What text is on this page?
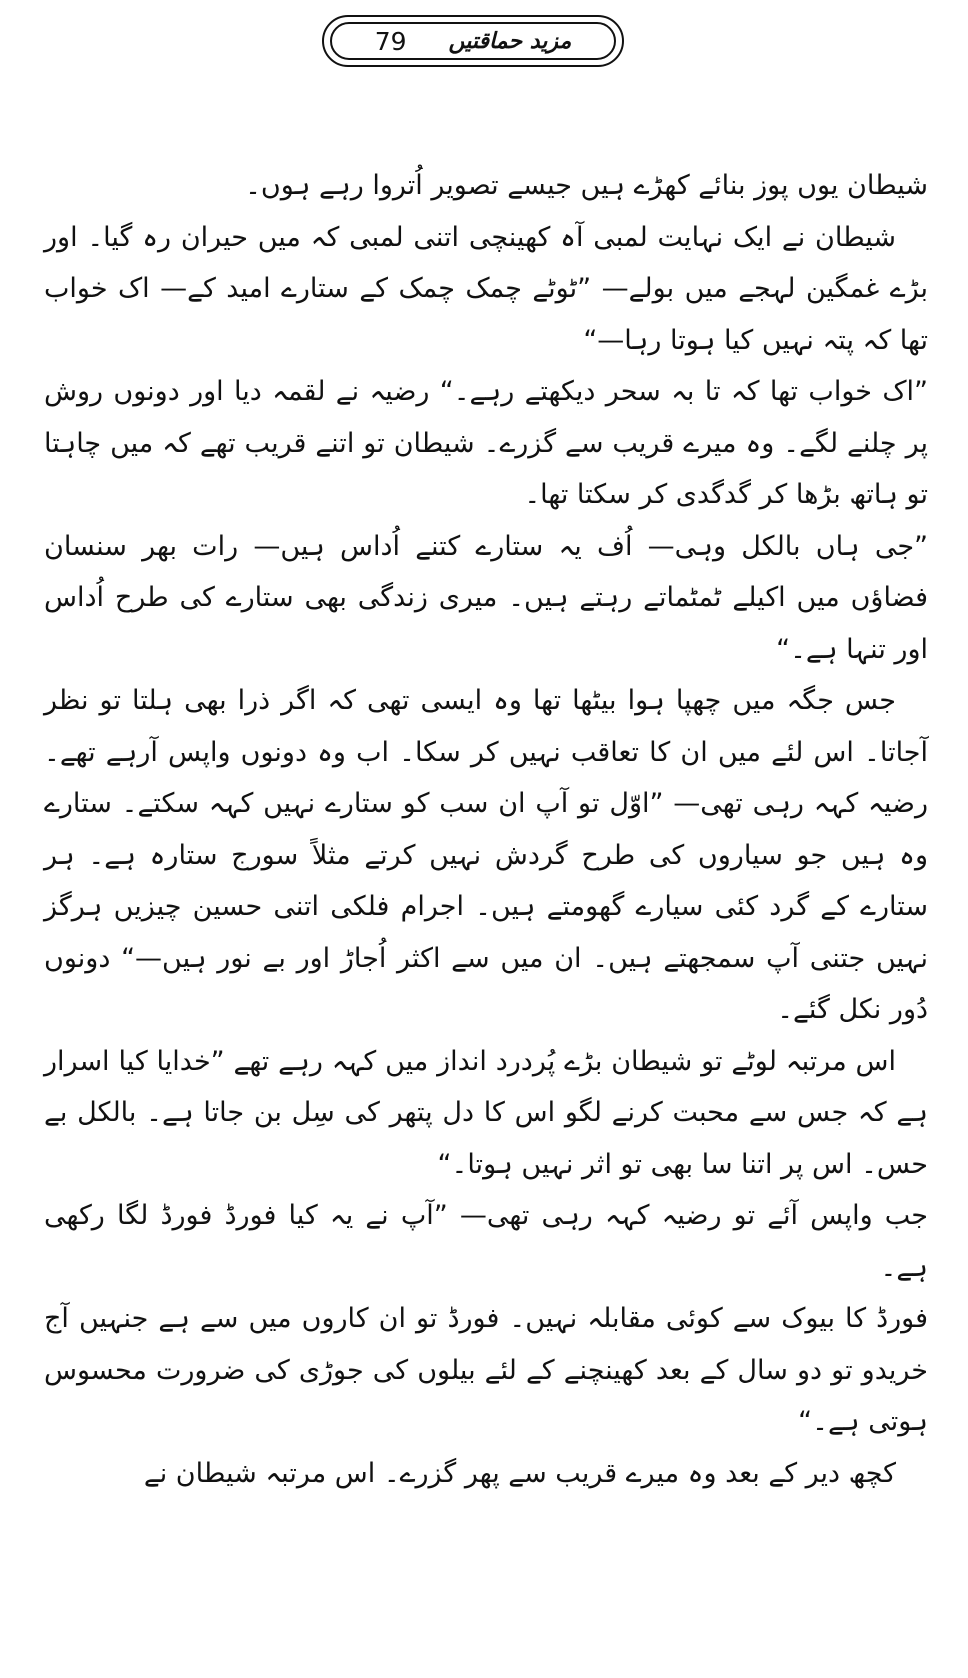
مزید حماقتیں
79

شیطان یوں پوز بنائے کھڑے ہیں جیسے تصویر اُتروا رہے ہوں۔

شیطان نے ایک نہایت لمبی آہ کھینچی اتنی لمبی کہ میں حیران رہ گیا۔ اور بڑے غمگین لہجے میں بولے— ”ٹوٹے چمک چمک کے ستارے امید کے— اک خواب تھا کہ پتہ نہیں کیا ہوتا رہا—“

”اک خواب تھا کہ تا بہ سحر دیکھتے رہے۔“ رضیہ نے لقمہ دیا اور دونوں روش پر چلنے لگے۔ وہ میرے قریب سے گزرے۔ شیطان تو اتنے قریب تھے کہ میں چاہتا تو ہاتھ بڑھا کر گدگدی کر سکتا تھا۔

”جی ہاں بالکل وہی— اُف یہ ستارے کتنے اُداس ہیں— رات بھر سنسان فضاؤں میں اکیلے ٹمٹماتے رہتے ہیں۔ میری زندگی بھی ستارے کی طرح اُداس اور تنہا ہے۔“

جس جگہ میں چھپا ہوا بیٹھا تھا وہ ایسی تھی کہ اگر ذرا بھی ہلتا تو نظر آجاتا۔ اس لئے میں ان کا تعاقب نہیں کر سکا۔ اب وہ دونوں واپس آرہے تھے۔ رضیہ کہہ رہی تھی— ”اوّل تو آپ ان سب کو ستارے نہیں کہہ سکتے۔ ستارے وہ ہیں جو سیاروں کی طرح گردش نہیں کرتے مثلاً سورج ستارہ ہے۔ ہر ستارے کے گرد کئی سیارے گھومتے ہیں۔ اجرام فلکی اتنی حسین چیزیں ہرگز نہیں جتنی آپ سمجھتے ہیں۔ ان میں سے اکثر اُجاڑ اور بے نور ہیں—“ دونوں دُور نکل گئے۔

اس مرتبہ لوٹے تو شیطان بڑے پُردرد انداز میں کہہ رہے تھے ”خدایا کیا اسرار ہے کہ جس سے محبت کرنے لگو اس کا دل پتھر کی سِل بن جاتا ہے۔ بالکل بے حس۔ اس پر اتنا سا بھی تو اثر نہیں ہوتا۔“

جب واپس آئے تو رضیہ کہہ رہی تھی— ”آپ نے یہ کیا فورڈ فورڈ لگا رکھی ہے۔

فورڈ کا بیوک سے کوئی مقابلہ نہیں۔ فورڈ تو ان کاروں میں سے ہے جنہیں آج خریدو تو دو سال کے بعد کھینچنے کے لئے بیلوں کی جوڑی کی ضرورت محسوس ہوتی ہے۔“

کچھ دیر کے بعد وہ میرے قریب سے پھر گزرے۔ اس مرتبہ شیطان نے
